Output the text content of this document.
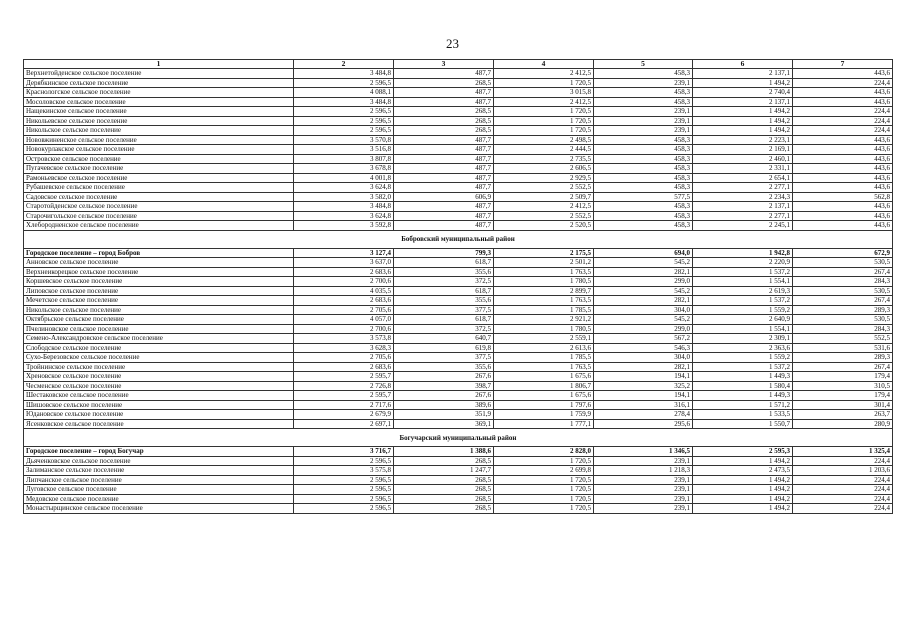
23
1	2	3	4	5	6	7
Верхнетойденское сельское поселение	3 484,8	487,7	2 412,5	458,3	2 137,1	443,6
Дерябкинское сельское поселение	2 596,5	268,5	1 720,5	239,1	1 494,2	224,4
Краснологское сельское поселение	4 088,1	487,7	3 015,8	458,3	2 740,4	443,6
Мосоловское сельское поселение	3 484,8	487,7	2 412,5	458,3	2 137,1	443,6
Нащекинское сельское поселение	2 596,5	268,5	1 720,5	239,1	1 494,2	224,4
Никольевское сельское поселение	2 596,5	268,5	1 720,5	239,1	1 494,2	224,4
Никольское сельское поселение	2 596,5	268,5	1 720,5	239,1	1 494,2	224,4
Нововжиненское сельское поселение	3 570,8	487,7	2 498,5	458,3	2 223,1	443,6
Новокурлакское сельское поселение	3 516,8	487,7	2 444,5	458,3	2 169,1	443,6
Островское сельское поселение	3 807,8	487,7	2 735,5	458,3	2 460,1	443,6
Пугачевское сельское поселение	3 678,8	487,7	2 606,5	458,3	2 331,1	443,6
Рамоньевское сельское поселение	4 001,8	487,7	2 929,5	458,3	2 654,1	443,6
Рубашевское сельское поселение	3 624,8	487,7	2 552,5	458,3	2 277,1	443,6
Садовское сельское поселение	3 582,0	606,9	2 509,7	577,5	2 234,3	562,8
Старотойденское сельское поселение	3 484,8	487,7	2 412,5	458,3	2 137,1	443,6
Старочигольское сельское поселение	3 624,8	487,7	2 552,5	458,3	2 277,1	443,6
Хлебородненское сельское поселение	3 592,8	487,7	2 520,5	458,3	2 245,1	443,6
Бобровский муниципальный район						
Городское поселение – город Бобров	3 127,4	799,3	2 175,5	694,0	1 942,8	672,9
Анновское сельское поселение	3 637,0	618,7	2 501,2	545,2	2 220,9	530,5
Верхнеикорецкое сельское поселение	2 683,6	355,6	1 763,5	282,1	1 537,2	267,4
Коршевское сельское поселение	2 700,6	372,5	1 780,5	299,0	1 554,1	284,3
Липовское сельское поселение	4 035,5	618,7	2 899,7	545,2	2 619,3	530,5
Мечетское сельское поселение	2 683,6	355,6	1 763,5	282,1	1 537,2	267,4
Никольское сельское поселение	2 705,6	377,5	1 785,5	304,0	1 559,2	289,3
Октябрьское сельское поселение	4 057,0	618,7	2 921,2	545,2	2 640,9	530,5
Пчелиновское сельское поселение	2 700,6	372,5	1 780,5	299,0	1 554,1	284,3
Семено-Александровское сельское поселение	3 573,8	640,7	2 559,1	567,2	2 309,1	552,5
Слободское сельское поселение	3 628,3	619,8	2 613,6	546,3	2 363,6	531,6
Сухо-Березовское сельское поселение	2 705,6	377,5	1 785,5	304,0	1 559,2	289,3
Тройнинское сельское поселение	2 683,6	355,6	1 763,5	282,1	1 537,2	267,4
Хреновское сельское поселение	2 595,7	267,6	1 675,6	194,1	1 449,3	179,4
Чесменское сельское поселение	2 726,8	398,7	1 806,7	325,2	1 580,4	310,5
Шестаковское сельское поселение	2 595,7	267,6	1 675,6	194,1	1 449,3	179,4
Шишовское сельское поселение	2 717,6	389,6	1 797,6	316,1	1 571,2	301,4
Юдановское сельское поселение	2 679,9	351,9	1 759,9	278,4	1 533,5	263,7
Ясенковское сельское поселение	2 697,1	369,1	1 777,1	295,6	1 550,7	280,9
Богучарский муниципальный район						
Городское поселение – город Богучар	3 716,7	1 388,6	2 828,0	1 346,5	2 595,3	1 325,4
Дьяченковское сельское поселение	2 596,5	268,5	1 720,5	239,1	1 494,2	224,4
Залиманское сельское поселение	3 575,8	1 247,7	2 699,8	1 218,3	2 473,5	1 203,6
Липчанское сельское поселение	2 596,5	268,5	1 720,5	239,1	1 494,2	224,4
Луговское сельское поселение	2 596,5	268,5	1 720,5	239,1	1 494,2	224,4
Медовское сельское поселение	2 596,5	268,5	1 720,5	239,1	1 494,2	224,4
Монастырщинское сельское поселение	2 596,5	268,5	1 720,5	239,1	1 494,2	224,4
